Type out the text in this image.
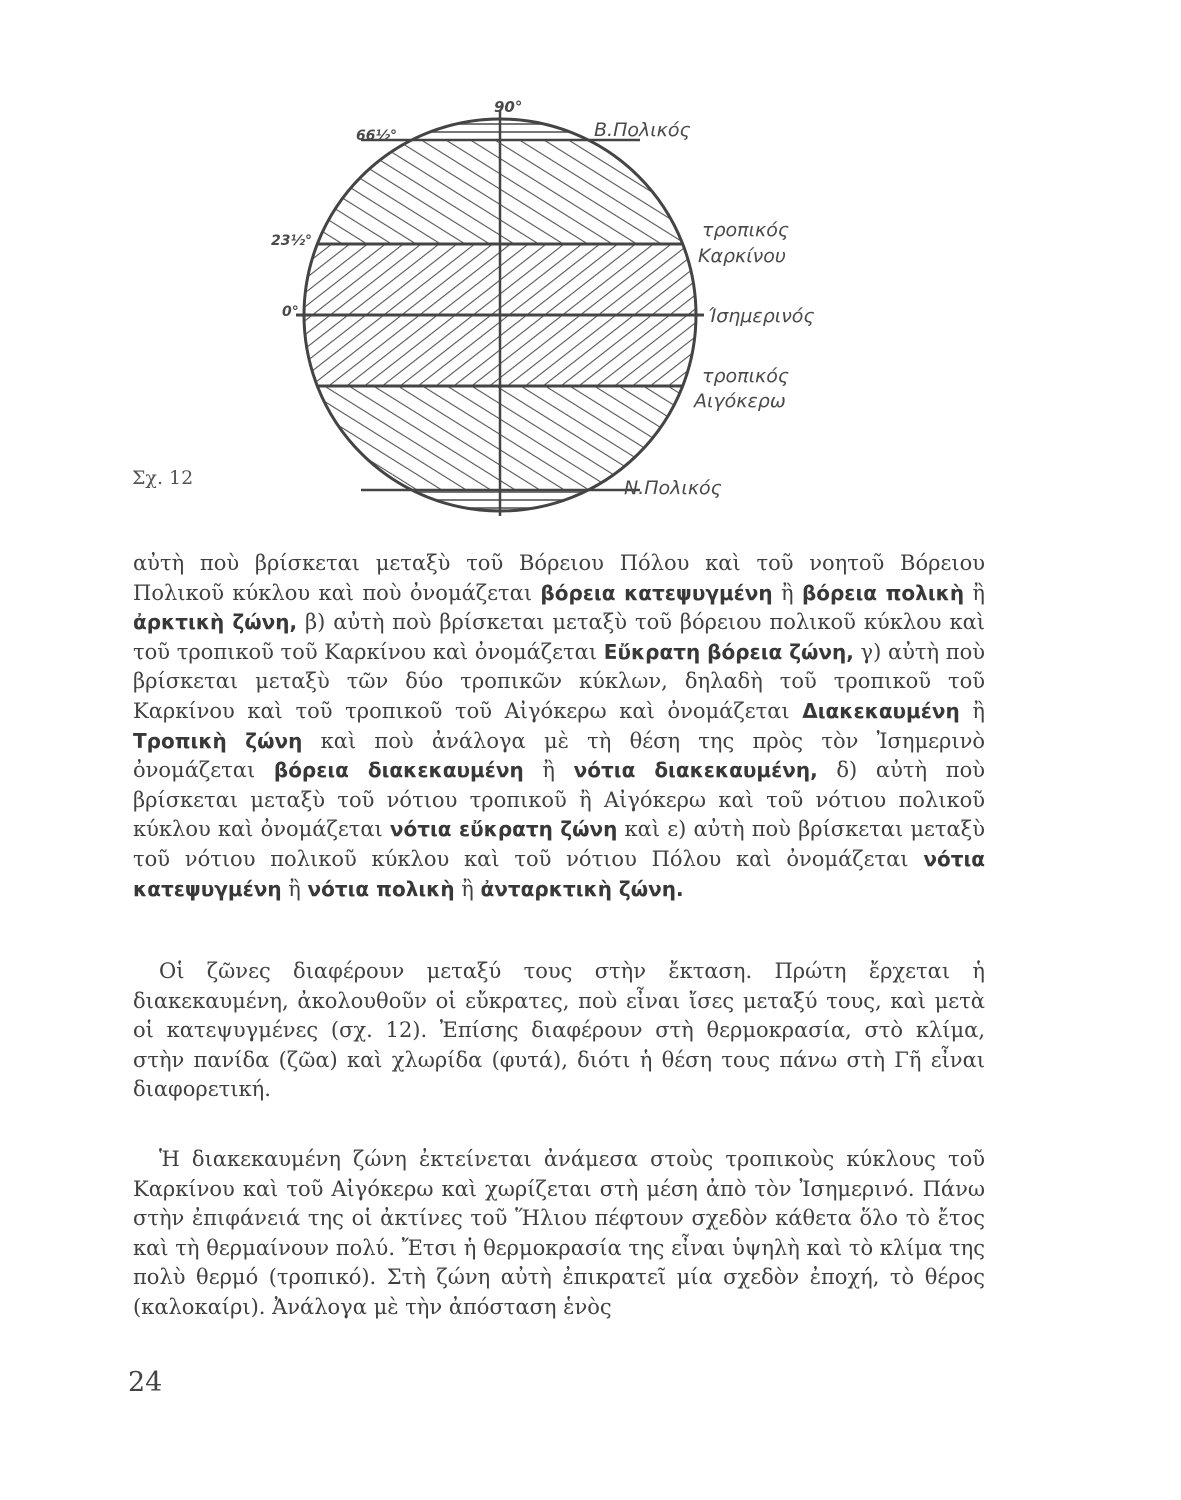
90°
66½°
23½°
0°
Β.Πολικός
τροπικός
Καρκίνου
Ίσημερινός
τροπικός
Αιγόκερω
Ν.Πολικός
Σχ. 12

αὐτὴ ποὺ βρίσκεται μεταξὺ τοῦ Βόρειου Πόλου καὶ τοῦ νοητοῦ Βόρειου Πολικοῦ κύκλου καὶ ποὺ ὀνομάζεται βόρεια κατεψυγμένη ἢ βόρεια πολικὴ ἢ ἀρκτικὴ ζώνη, β) αὐτὴ ποὺ βρίσκεται μεταξὺ τοῦ βόρειου πολικοῦ κύκλου καὶ τοῦ τροπικοῦ τοῦ Καρκίνου καὶ ὀνομάζεται Εὔκρατη βόρεια ζώνη, γ) αὐτὴ ποὺ βρίσκεται μεταξὺ τῶν δύο τροπικῶν κύκλων, δηλαδὴ τοῦ τροπικοῦ τοῦ Καρκίνου καὶ τοῦ τροπικοῦ τοῦ Αἰγόκερω καὶ ὀνομάζεται Διακεκαυμένη ἢ Τροπικὴ ζώνη καὶ ποὺ ἀνάλογα μὲ τὴ θέση της πρὸς τὸν Ἰσημερινὸ ὀνομάζεται βόρεια διακεκαυμένη ἢ νότια διακεκαυμένη, δ) αὐτὴ ποὺ βρίσκεται μεταξὺ τοῦ νότιου τροπικοῦ ἢ Αἰγόκερω καὶ τοῦ νότιου πολικοῦ κύκλου καὶ ὀνομάζεται νότια εὔκρατη ζώνη καὶ ε) αὐτὴ ποὺ βρίσκεται μεταξὺ τοῦ νότιου πολικοῦ κύκλου καὶ τοῦ νότιου Πόλου καὶ ὀνομάζεται νότια κατεψυγμένη ἢ νότια πολικὴ ἢ ἀνταρκτικὴ ζώνη.

Οἱ ζῶνες διαφέρουν μεταξύ τους στὴν ἔκταση. Πρώτη ἔρχεται ἡ διακεκαυμένη, ἀκολουθοῦν οἱ εὔκρατες, ποὺ εἶναι ἴσες μεταξύ τους, καὶ μετὰ οἱ κατεψυγμένες (σχ. 12). Ἐπίσης διαφέρουν στὴ θερμοκρασία, στὸ κλίμα, στὴν πανίδα (ζῶα) καὶ χλωρίδα (φυτά), διότι ἡ θέση τους πάνω στὴ Γῆ εἶναι διαφορετική.

Ἡ διακεκαυμένη ζώνη ἐκτείνεται ἀνάμεσα στοὺς τροπικοὺς κύκλους τοῦ Καρκίνου καὶ τοῦ Αἰγόκερω καὶ χωρίζεται στὴ μέση ἀπὸ τὸν Ἰσημερινό. Πάνω στὴν ἐπιφάνειά της οἱ ἀκτίνες τοῦ Ἥλιου πέφτουν σχεδὸν κάθετα ὅλο τὸ ἔτος καὶ τὴ θερμαίνουν πολύ. Ἔτσι ἡ θερμοκρασία της εἶναι ὑψηλὴ καὶ τὸ κλίμα της πολὺ θερμό (τροπικό). Στὴ ζώνη αὐτὴ ἐπικρατεῖ μία σχεδὸν ἐποχή, τὸ θέρος (καλοκαίρι). Ἀνάλογα μὲ τὴν ἀπόσταση ἑνὸς

24
